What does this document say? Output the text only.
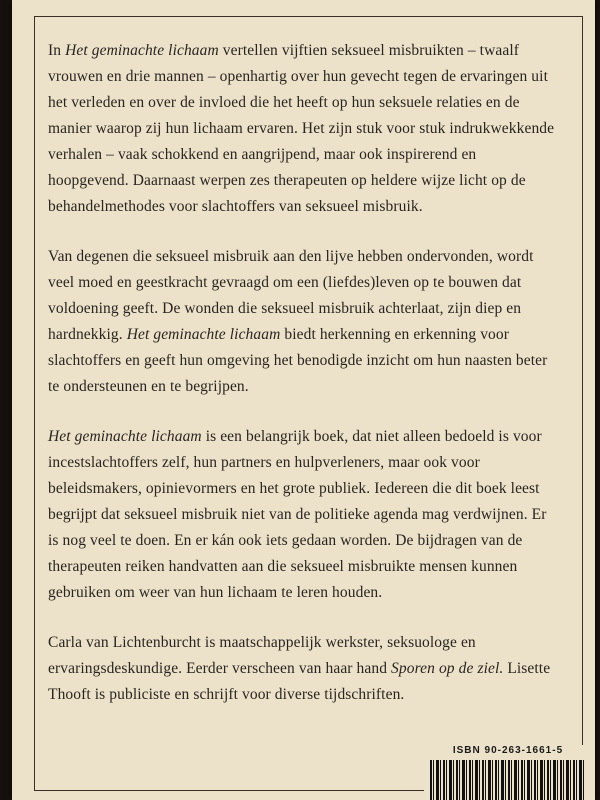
In Het geminachte lichaam vertellen vijftien seksueel misbruikten – twaalf vrouwen en drie mannen – openhartig over hun gevecht tegen de ervaringen uit het verleden en over de invloed die het heeft op hun seksuele relaties en de manier waarop zij hun lichaam ervaren. Het zijn stuk voor stuk indrukwekkende verhalen – vaak schokkend en aangrijpend, maar ook inspirerend en hoopgevend. Daarnaast werpen zes therapeuten op heldere wijze licht op de behandelmethodes voor slachtoffers van seksueel misbruik.

Van degenen die seksueel misbruik aan den lijve hebben ondervonden, wordt veel moed en geestkracht gevraagd om een (liefdes)leven op te bouwen dat voldoening geeft. De wonden die seksueel misbruik achterlaat, zijn diep en hardnekkig. Het geminachte lichaam biedt herkenning en erkenning voor slachtoffers en geeft hun omgeving het benodigde inzicht om hun naasten beter te ondersteunen en te begrijpen.

Het geminachte lichaam is een belangrijk boek, dat niet alleen bedoeld is voor incestslachtoffers zelf, hun partners en hulpverleners, maar ook voor beleidsmakers, opinievormers en het grote publiek. Iedereen die dit boek leest begrijpt dat seksueel misbruik niet van de politieke agenda mag verdwijnen. Er is nog veel te doen. En er kán ook iets gedaan worden. De bijdragen van de therapeuten reiken handvatten aan die seksueel misbruikte mensen kunnen gebruiken om weer van hun lichaam te leren houden.

Carla van Lichtenburcht is maatschappelijk werkster, seksuologe en ervaringsdeskundige. Eerder verscheen van haar hand Sporen op de ziel. Lisette Thooft is publiciste en schrijft voor diverse tijdschriften.

ISBN 90-263-1661-5
